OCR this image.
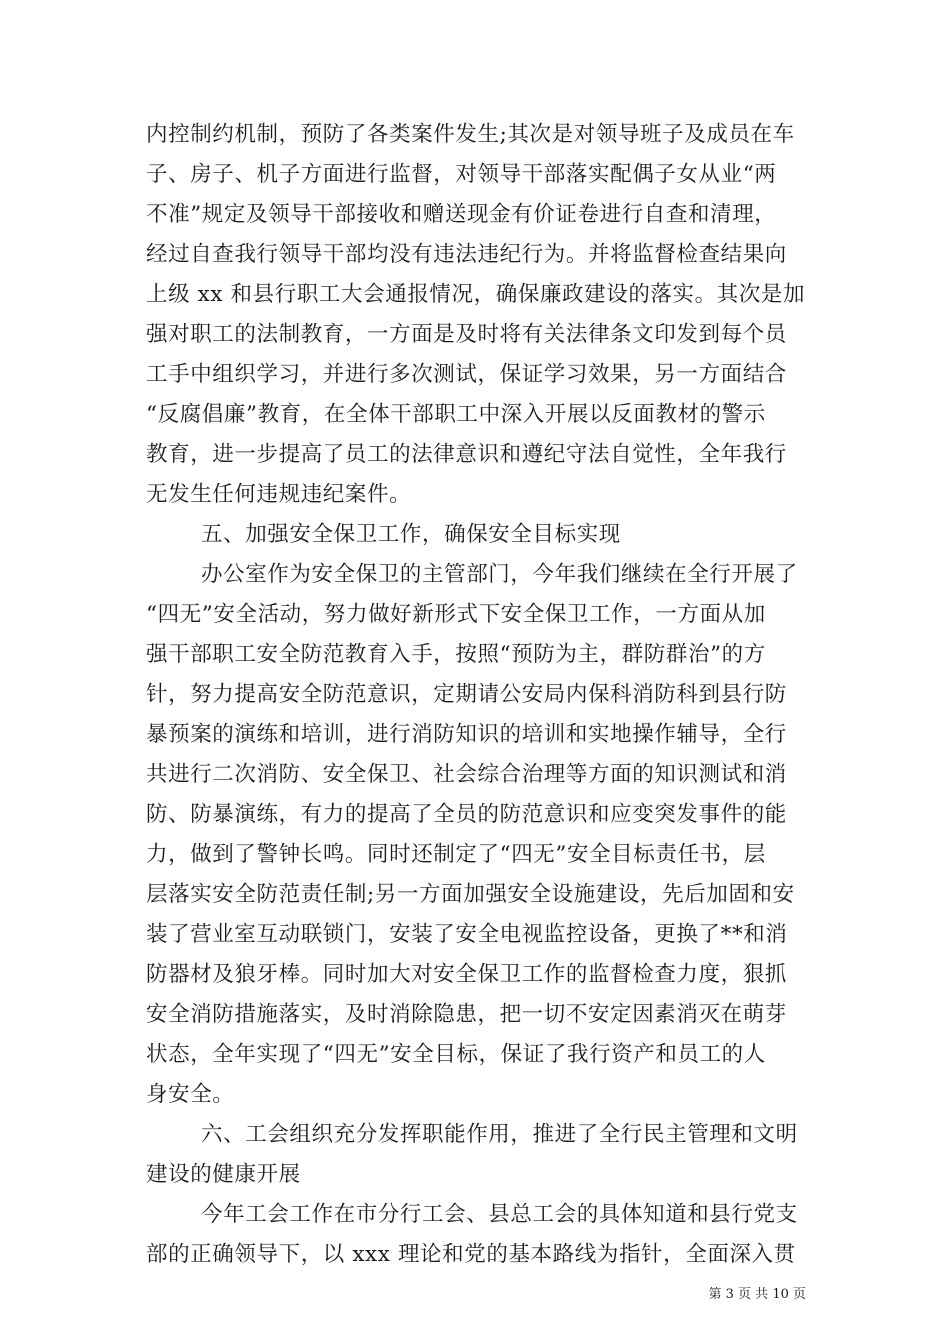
内控制约机制，预防了各类案件发生;其次是对领导班子及成员在车
子、房子、机子方面进行监督，对领导干部落实配偶子女从业“两
不准”规定及领导干部接收和赠送现金有价证卷进行自查和清理，
经过自查我行领导干部均没有违法违纪行为。并将监督检查结果向
上级 xx 和县行职工大会通报情况，确保廉政建设的落实。其次是加
强对职工的法制教育，一方面是及时将有关法律条文印发到每个员
工手中组织学习，并进行多次测试，保证学习效果，另一方面结合
“反腐倡廉”教育，在全体干部职工中深入开展以反面教材的警示
教育，进一步提高了员工的法律意识和遵纪守法自觉性，全年我行
无发生任何违规违纪案件。
五、加强安全保卫工作，确保安全目标实现
办公室作为安全保卫的主管部门，今年我们继续在全行开展了
“四无”安全活动，努力做好新形式下安全保卫工作，一方面从加
强干部职工安全防范教育入手，按照“预防为主，群防群治”的方
针，努力提高安全防范意识，定期请公安局内保科消防科到县行防
暴预案的演练和培训，进行消防知识的培训和实地操作辅导，全行
共进行二次消防、安全保卫、社会综合治理等方面的知识测试和消
防、防暴演练，有力的提高了全员的防范意识和应变突发事件的能
力，做到了警钟长鸣。同时还制定了“四无”安全目标责任书，层
层落实安全防范责任制;另一方面加强安全设施建设，先后加固和安
装了营业室互动联锁门，安装了安全电视监控设备，更换了**和消
防器材及狼牙棒。同时加大对安全保卫工作的监督检查力度，狠抓
安全消防措施落实，及时消除隐患，把一切不安定因素消灭在萌芽
状态，全年实现了“四无”安全目标，保证了我行资产和员工的人
身安全。
六、工会组织充分发挥职能作用，推进了全行民主管理和文明
建设的健康开展
今年工会工作在市分行工会、县总工会的具体知道和县行党支
部的正确领导下，以 xxx 理论和党的基本路线为指针，全面深入贯
第 3 页 共 10 页
